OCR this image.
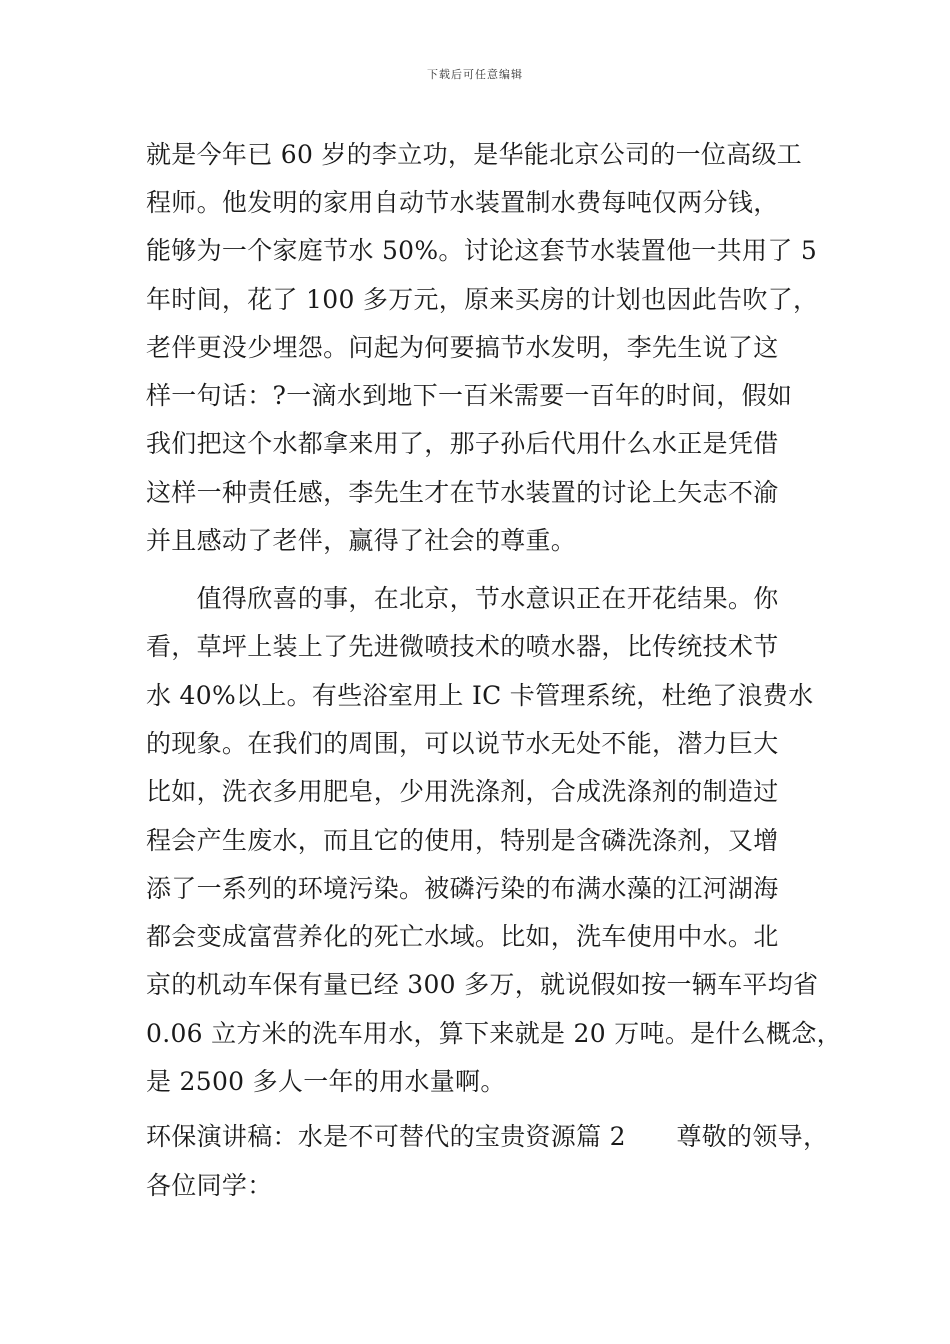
下载后可任意编辑
就是今年已 60 岁的李立功，是华能北京公司的一位高级工
程师。他发明的家用自动节水装置制水费每吨仅两分钱，
能够为一个家庭节水 50%。讨论这套节水装置他一共用了 5
年时间，花了 100 多万元，原来买房的计划也因此告吹了，
老伴更没少埋怨。问起为何要搞节水发明，李先生说了这
样一句话：?一滴水到地下一百米需要一百年的时间，假如
我们把这个水都拿来用了，那子孙后代用什么水正是凭借
这样一种责任感，李先生才在节水装置的讨论上矢志不渝
并且感动了老伴，赢得了社会的尊重。
　　值得欣喜的事，在北京，节水意识正在开花结果。你
看，草坪上装上了先进微喷技术的喷水器，比传统技术节
水 40%以上。有些浴室用上 IC 卡管理系统，杜绝了浪费水
的现象。在我们的周围，可以说节水无处不能，潜力巨大
比如，洗衣多用肥皂，少用洗涤剂，合成洗涤剂的制造过
程会产生废水，而且它的使用，特别是含磷洗涤剂，又增
添了一系列的环境污染。被磷污染的布满水藻的江河湖海
都会变成富营养化的死亡水域。比如，洗车使用中水。北
京的机动车保有量已经 300 多万，就说假如按一辆车平均省
0.06 立方米的洗车用水，算下来就是 20 万吨。是什么概念，
是 2500 多人一年的用水量啊。
环保演讲稿：水是不可替代的宝贵资源篇 2　　尊敬的领导，
各位同学：
